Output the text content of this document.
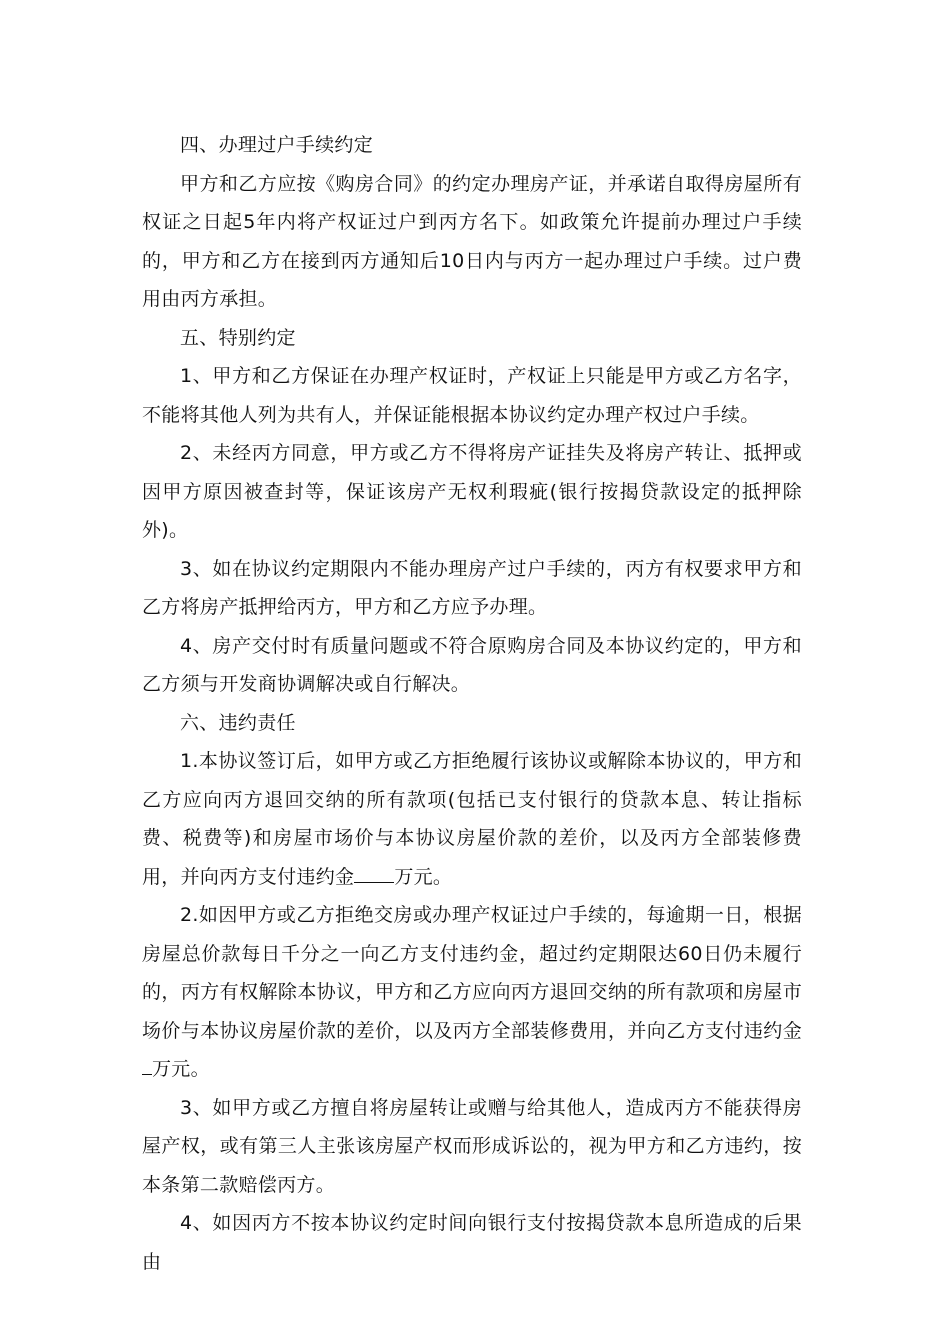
四、办理过户手续约定

甲方和乙方应按《购房合同》的约定办理房产证，并承诺自取得房屋所有权证之日起5年内将产权证过户到丙方名下。如政策允许提前办理过户手续的，甲方和乙方在接到丙方通知后10日内与丙方一起办理过户手续。过户费用由丙方承担。

五、特别约定

1、甲方和乙方保证在办理产权证时，产权证上只能是甲方或乙方名字，不能将其他人列为共有人，并保证能根据本协议约定办理产权过户手续。

2、未经丙方同意，甲方或乙方不得将房产证挂失及将房产转让、抵押或因甲方原因被查封等，保证该房产无权利瑕疵(银行按揭贷款设定的抵押除外)。

3、如在协议约定期限内不能办理房产过户手续的，丙方有权要求甲方和乙方将房产抵押给丙方，甲方和乙方应予办理。

4、房产交付时有质量问题或不符合原购房合同及本协议约定的，甲方和乙方须与开发商协调解决或自行解决。

六、违约责任

1.本协议签订后，如甲方或乙方拒绝履行该协议或解除本协议的，甲方和乙方应向丙方退回交纳的所有款项(包括已支付银行的贷款本息、转让指标费、税费等)和房屋市场价与本协议房屋价款的差价，以及丙方全部装修费用，并向丙方支付违约金 万元。

2.如因甲方或乙方拒绝交房或办理产权证过户手续的，每逾期一日，根据房屋总价款每日千分之一向乙方支付违约金，超过约定期限达60日仍未履行的，丙方有权解除本协议，甲方和乙方应向丙方退回交纳的所有款项和房屋市场价与本协议房屋价款的差价，以及丙方全部装修费用，并向乙方支付违约金万元。

3、如甲方或乙方擅自将房屋转让或赠与给其他人，造成丙方不能获得房屋产权，或有第三人主张该房屋产权而形成诉讼的，视为甲方和乙方违约，按本条第二款赔偿丙方。

4、如因丙方不按本协议约定时间向银行支付按揭贷款本息所造成的后果由
